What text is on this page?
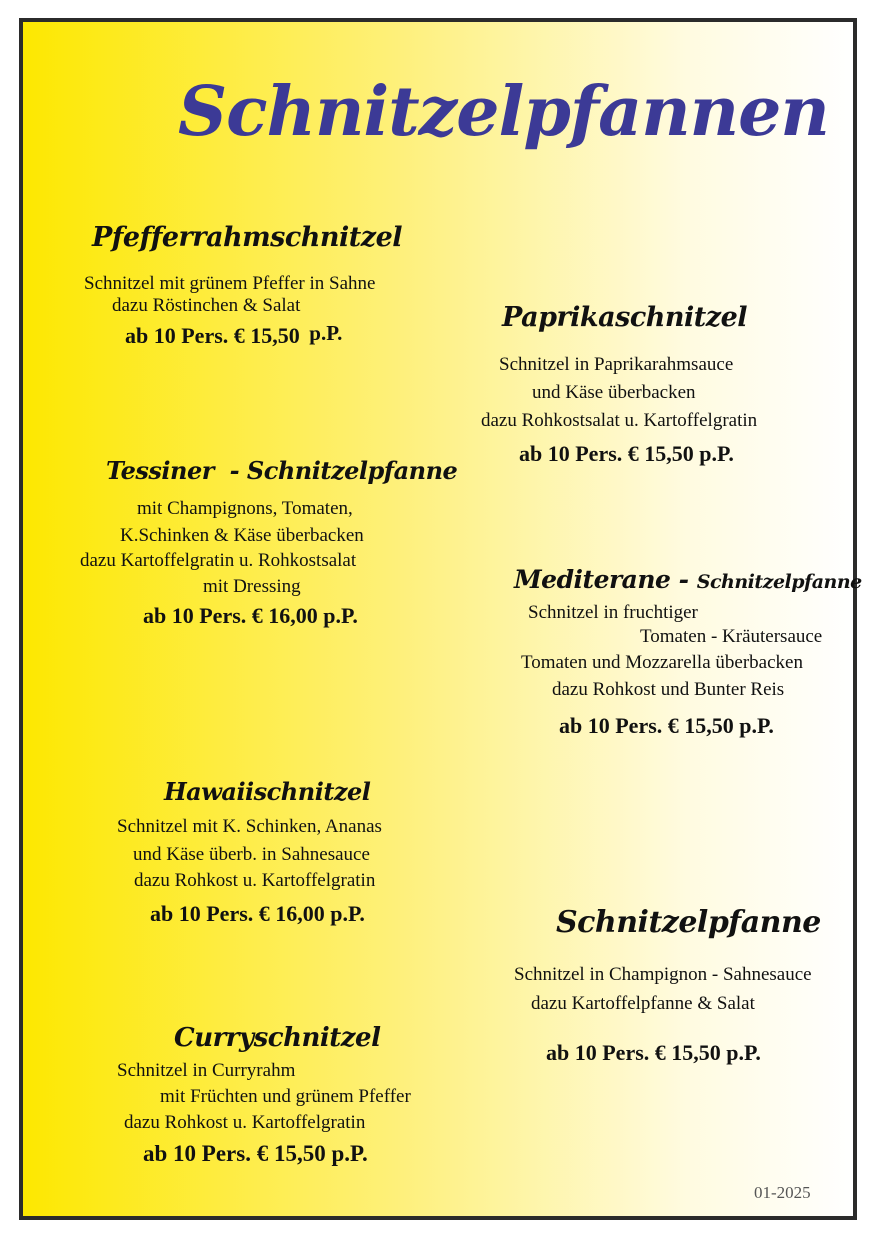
Schnitzelpfannen
Pfefferrahmschnitzel
Schnitzel mit grünem Pfeffer in Sahne
dazu Röstinchen & Salat
ab 10 Pers. € 15,50 p.P.	Paprikaschnitzel
Schnitzel in Paprikarahmsauce
und Käse überbacken
dazu Rohkostsalat u. Kartoffelgratin
ab 10 Pers. € 15,50 p.P.
Tessiner  - Schnitzelpfanne
mit Champignons, Tomaten,
K.Schinken & Käse überbacken
dazu Kartoffelgratin u. Rohkostsalat
mit Dressing
ab 10 Pers. € 16,00 p.P.
Mediterane - Schnitzelpfanne
Schnitzel in fruchtiger
Tomaten - Kräutersauce
Tomaten und Mozzarella überbacken
dazu Rohkost und Bunter Reis
ab 10 Pers. € 15,50 p.P.
Hawaiischnitzel
Schnitzel mit K. Schinken, Ananas
und Käse überb. in Sahnesauce
dazu Rohkost u. Kartoffelgratin
ab 10 Pers. € 16,00 p.P.	Schnitzelpfanne
Schnitzel in Champignon - Sahnesauce
dazu Kartoffelpfanne & Salat
ab 10 Pers. € 15,50 p.P.
Curryschnitzel
Schnitzel in Curryrahm
mit Früchten und grünem Pfeffer
dazu Rohkost u. Kartoffelgratin
ab 10 Pers. € 15,50 p.P.
01-2025
